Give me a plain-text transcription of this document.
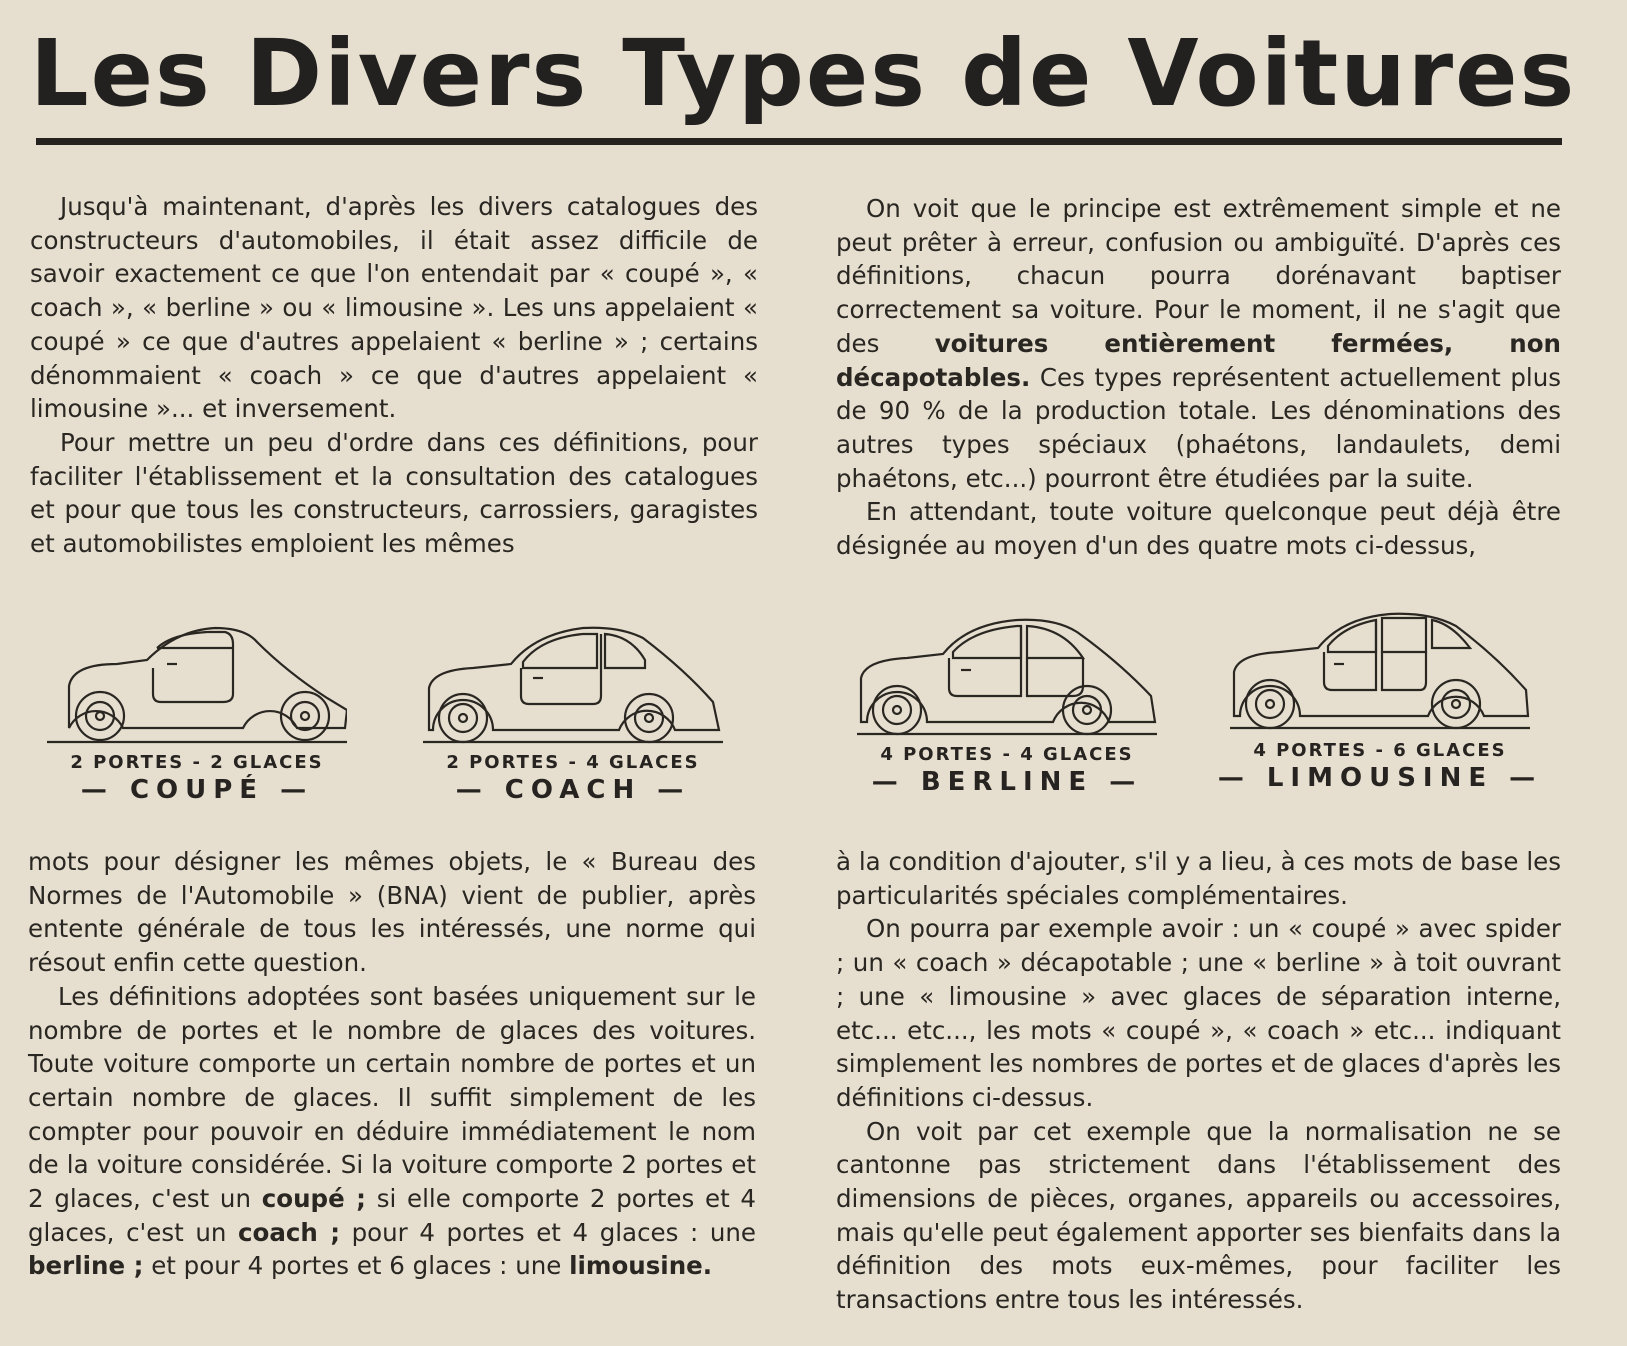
Les Divers Types de Voitures

Jusqu'à maintenant, d'après les divers catalogues des constructeurs d'automobiles, il était assez difficile de savoir exactement ce que l'on entendait par « coupé », « coach », « berline » ou « limousine ». Les uns appelaient « coupé » ce que d'autres appelaient « berline » ; certains dénommaient « coach » ce que d'autres appelaient « limousine »... et inversement.

Pour mettre un peu d'ordre dans ces définitions, pour faciliter l'établissement et la consultation des catalogues et pour que tous les constructeurs, carrossiers, garagistes et automobilistes emploient les mêmes

On voit que le principe est extrêmement simple et ne peut prêter à erreur, confusion ou ambiguïté. D'après ces définitions, chacun pourra dorénavant baptiser correctement sa voiture. Pour le moment, il ne s'agit que des voitures entièrement fermées, non décapotables. Ces types représentent actuellement plus de 90 % de la production totale. Les dénominations des autres types spéciaux (phaétons, landaulets, demi phaétons, etc...) pourront être étudiées par la suite.

En attendant, toute voiture quelconque peut déjà être désignée au moyen d'un des quatre mots ci-dessus,

2 PORTES - 2 GLACES
— COUPÉ —
2 PORTES - 4 GLACES
— COACH —
4 PORTES - 4 GLACES
— BERLINE —
4 PORTES - 6 GLACES
— LIMOUSINE —

mots pour désigner les mêmes objets, le « Bureau des Normes de l'Automobile » (BNA) vient de publier, après entente générale de tous les intéressés, une norme qui résout enfin cette question.

Les définitions adoptées sont basées uniquement sur le nombre de portes et le nombre de glaces des voitures. Toute voiture comporte un certain nombre de portes et un certain nombre de glaces. Il suffit simplement de les compter pour pouvoir en déduire immédiatement le nom de la voiture considérée. Si la voiture comporte 2 portes et 2 glaces, c'est un coupé ; si elle comporte 2 portes et 4 glaces, c'est un coach ; pour 4 portes et 4 glaces : une berline ; et pour 4 portes et 6 glaces : une limousine.

à la condition d'ajouter, s'il y a lieu, à ces mots de base les particularités spéciales complémentaires.

On pourra par exemple avoir : un « coupé » avec spider ; un « coach » décapotable ; une « berline » à toit ouvrant ; une « limousine » avec glaces de séparation interne, etc... etc..., les mots « coupé », « coach » etc... indiquant simplement les nombres de portes et de glaces d'après les définitions ci-dessus.

On voit par cet exemple que la normalisation ne se cantonne pas strictement dans l'établissement des dimensions de pièces, organes, appareils ou accessoires, mais qu'elle peut également apporter ses bienfaits dans la définition des mots eux-mêmes, pour faciliter les transactions entre tous les intéressés.
